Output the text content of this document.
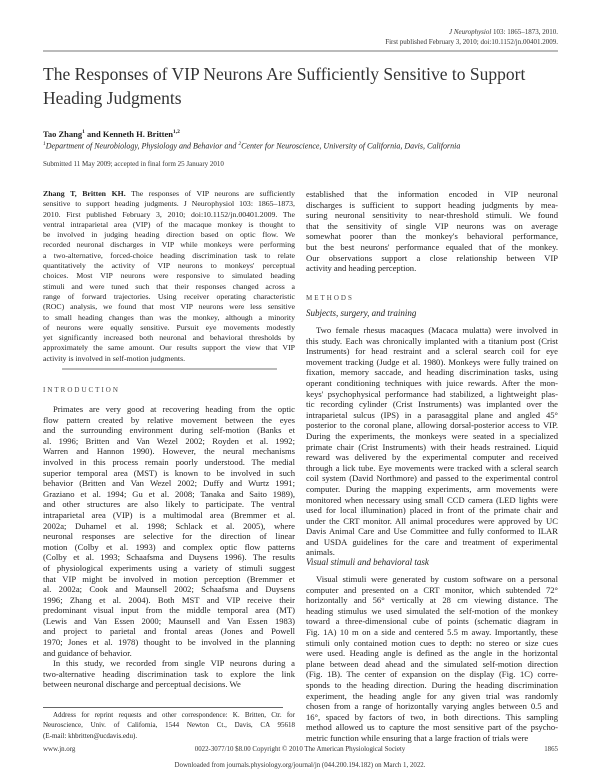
J Neurophysiol 103: 1865–1873, 2010.
First published February 3, 2010; doi:10.1152/jn.00401.2009.
The Responses of VIP Neurons Are Sufficiently Sensitive to Support Heading Judgments
Tao Zhang$^1$ and Kenneth H. Britten$^{1,2}$
$^1$Department of Neurobiology, Physiology and Behavior and $^2$Center for Neuroscience, University of California, Davis, California
Submitted 11 May 2009; accepted in final form 25 January 2010
Zhang T, Britten KH. The responses of VIP neurons are sufficiently
sensitive to support heading judgments. J Neurophysiol 103: 1865–1873,
2010. First published February 3, 2010; doi:10.1152/jn.00401.2009. The
ventral intraparietal area (VIP) of the macaque monkey is thought to
be involved in judging heading direction based on optic flow. We
recorded neuronal discharges in VIP while monkeys were performing
a two-alternative, forced-choice heading discrimination task to relate
quantitatively the activity of VIP neurons to monkeys' perceptual
choices. Most VIP neurons were responsive to simulated heading
stimuli and were tuned such that their responses changed across a
range of forward trajectories. Using receiver operating characteristic
(ROC) analysis, we found that most VIP neurons were less sensitive
to small heading changes than was the monkey, although a minority
of neurons were equally sensitive. Pursuit eye movements modestly
yet significantly increased both neuronal and behavioral thresholds by
approximately the same amount. Our results support the view that VIP
activity is involved in self-motion judgments.
INTRODUCTION
Primates are very good at recovering heading from the optic
flow pattern created by relative movement between the eyes
and the surrounding environment during self-motion (Banks et
al. 1996; Britten and Van Wezel 2002; Royden et al. 1992;
Warren and Hannon 1990). However, the neural mechanisms
involved in this process remain poorly understood. The medial
superior temporal area (MST) is known to be involved in such
behavior (Britten and Van Wezel 2002; Duffy and Wurtz 1991;
Graziano et al. 1994; Gu et al. 2008; Tanaka and Saito 1989),
and other structures are also likely to participate. The ventral
intraparietal area (VIP) is a multimodal area (Bremmer et al.
2002a; Duhamel et al. 1998; Schlack et al. 2005), where
neuronal responses are selective for the direction of linear
motion (Colby et al. 1993) and complex optic flow patterns
(Colby et al. 1993; Schaafsma and Duysens 1996). The results
of physiological experiments using a variety of stimuli suggest
that VIP might be involved in motion perception (Bremmer et
al. 2002a; Cook and Maunsell 2002; Schaafsma and Duysens
1996; Zhang et al. 2004). Both MST and VIP receive their
predominant visual input from the middle temporal area (MT)
(Lewis and Van Essen 2000; Maunsell and Van Essen 1983)
and project to parietal and frontal areas (Jones and Powell
1970; Jones et al. 1978) thought to be involved in the planning
and guidance of behavior.
In this study, we recorded from single VIP neurons during a
two-alternative heading discrimination task to explore the link
between neuronal discharge and perceptual decisions. We
Address for reprint requests and other correspondence: K. Britten, Ctr. for
Neuroscience, Univ. of California, 1544 Newton Ct., Davis, CA 95618
(E-mail: khbritten@ucdavis.edu).
established that the information encoded in VIP neuronal
discharges is sufficient to support heading judgments by mea-
suring neuronal sensitivity to near-threshold stimuli. We found
that the sensitivity of single VIP neurons was on average
somewhat poorer than the monkey's behavioral performance,
but the best neurons' performance equaled that of the monkey.
Our observations support a close relationship between VIP
activity and heading perception.
METHODS
Subjects, surgery, and training
Two female rhesus macaques (Macaca mulatta) were involved in
this study. Each was chronically implanted with a titanium post (Crist
Instruments) for head restraint and a scleral search coil for eye
movement tracking (Judge et al. 1980). Monkeys were fully trained on
fixation, memory saccade, and heading discrimination tasks, using
operant conditioning techniques with juice rewards. After the mon-
keys' psychophysical performance had stabilized, a lightweight plas-
tic recording cylinder (Crist Instruments) was implanted over the
intraparietal sulcus (IPS) in a parasaggital plane and angled 45°
posterior to the coronal plane, allowing dorsal-posterior access to VIP.
During the experiments, the monkeys were seated in a specialized
primate chair (Crist Instruments) with their heads restrained. Liquid
reward was delivered by the experimental computer and received
through a lick tube. Eye movements were tracked with a scleral search
coil system (David Northmore) and passed to the experimental control
computer. During the mapping experiments, arm movements were
monitored when necessary using small CCD camera (LED lights were
used for local illumination) placed in front of the primate chair and
under the CRT monitor. All animal procedures were approved by UC
Davis Animal Care and Use Committee and fully conformed to ILAR
and USDA guidelines for the care and treatment of experimental
animals.
Visual stimuli and behavioral task
Visual stimuli were generated by custom software on a personal
computer and presented on a CRT monitor, which subtended 72°
horizontally and 56° vertically at 28 cm viewing distance. The
heading stimulus we used simulated the self-motion of the monkey
toward a three-dimensional cube of points (schematic diagram in
Fig. 1A) 10 m on a side and centered 5.5 m away. Importantly, these
stimuli only contained motion cues to depth: no stereo or size cues
were used. Heading angle is defined as the angle in the horizontal
plane between dead ahead and the simulated self-motion direction
(Fig. 1B). The center of expansion on the display (Fig. 1C) corre-
sponds to the heading direction. During the heading discrimination
experiment, the heading angle for any given trial was randomly
chosen from a range of horizontally varying angles between 0.5 and
16°, spaced by factors of two, in both directions. This sampling
method allowed us to capture the most sensitive part of the psycho-
metric function while ensuring that a large fraction of trials were
www.jn.org	0022-3077/10 $8.00 Copyright © 2010 The American Physiological Society	1865
Downloaded from journals.physiology.org/journal/jn (044.200.194.182) on March 1, 2022.
